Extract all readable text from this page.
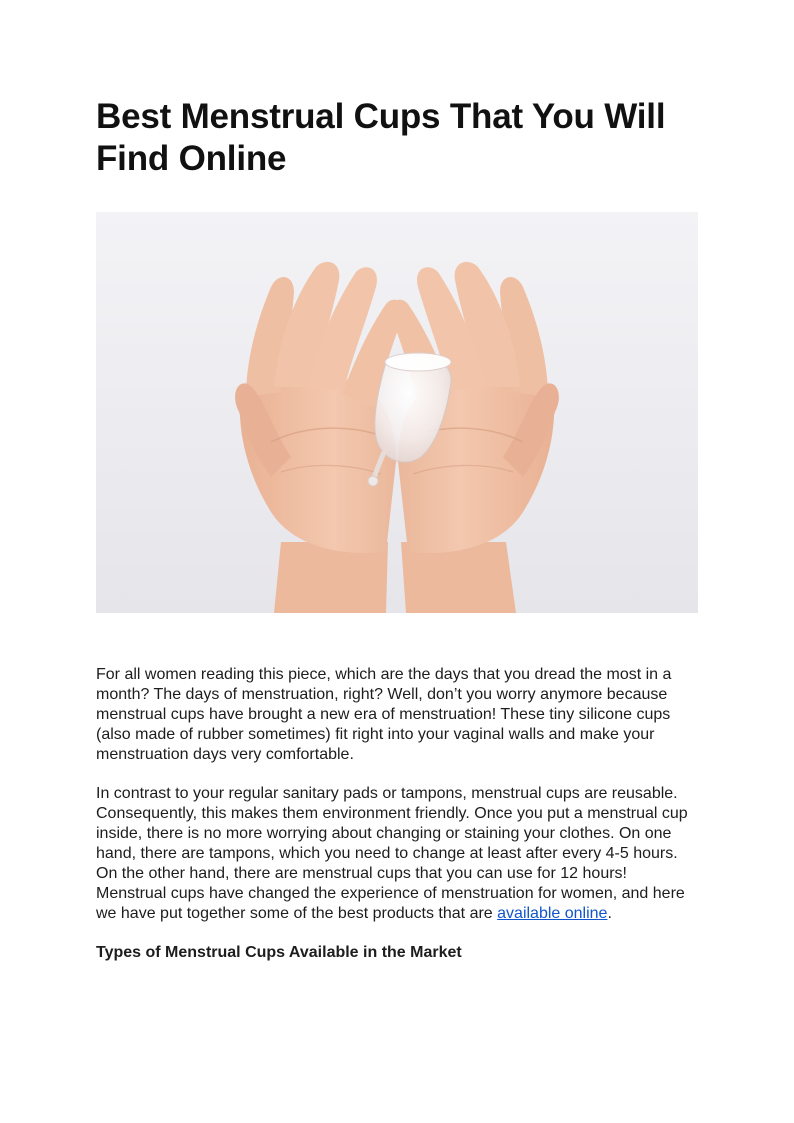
Best Menstrual Cups That You Will
Find Online

For all women reading this piece, which are the days that you dread the most in a month? The days of menstruation, right? Well, don’t you worry anymore because menstrual cups have brought a new era of menstruation! These tiny silicone cups (also made of rubber sometimes) fit right into your vaginal walls and make your menstruation days very comfortable.

In contrast to your regular sanitary pads or tampons, menstrual cups are reusable. Consequently, this makes them environment friendly. Once you put a menstrual cup inside, there is no more worrying about changing or staining your clothes. On one hand, there are tampons, which you need to change at least after every 4-5 hours. On the other hand, there are menstrual cups that you can use for 12 hours! Menstrual cups have changed the experience of menstruation for women, and here we have put together some of the best products that are available online.

Types of Menstrual Cups Available in the Market
